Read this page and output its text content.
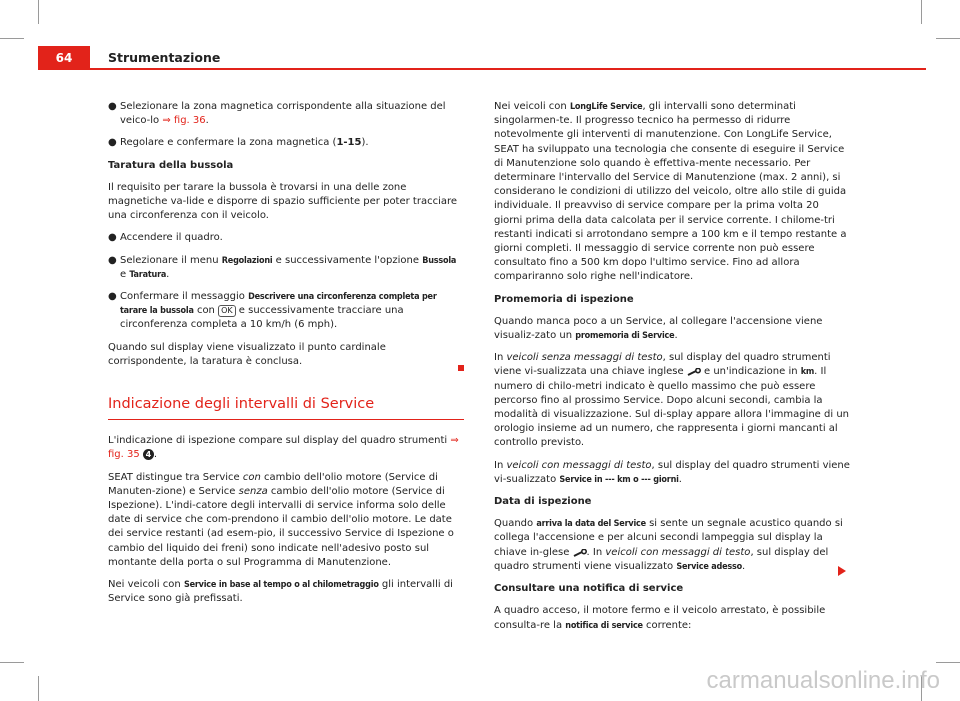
64	Strumentazione
● Selezionare la zona magnetica corrispondente alla situazione del veico-lo ⇒ fig. 36.
● Regolare e confermare la zona magnetica (1-15).

Taratura della bussola

Il requisito per tarare la bussola è trovarsi in una delle zone magnetiche va-lide e disporre di spazio sufficiente per poter tracciare una circonferenza con il veicolo.

● Accendere il quadro.
● Selezionare il menu Regolazioni e successivamente l'opzione Bussola e Taratura.
● Confermare il messaggio Descrivere una circonferenza completa per tarare la bussola con OK e successivamente tracciare una circonferenza completa a 10 km/h (6 mph).

Quando sul display viene visualizzato il punto cardinale corrispondente, la taratura è conclusa.

Indicazione degli intervalli di Service

L'indicazione di ispezione compare sul display del quadro strumenti ⇒ fig. 35 4 .

SEAT distingue tra Service con cambio dell'olio motore (Service di Manuten-zione) e Service senza cambio dell'olio motore (Service di Ispezione). L'indi-catore degli intervalli di service informa solo delle date di service che com-prendono il cambio dell'olio motore. Le date dei service restanti (ad esem-pio, il successivo Service di Ispezione o cambio del liquido dei freni) sono indicate nell'adesivo posto sul montante della porta o sul Programma di Manutenzione.

Nei veicoli con Service in base al tempo o al chilometraggio gli intervalli di Service sono già prefissati.

Nei veicoli con LongLife Service, gli intervalli sono determinati singolarmen-te. Il progresso tecnico ha permesso di ridurre notevolmente gli interventi di manutenzione. Con LongLife Service, SEAT ha sviluppato una tecnologia che consente di eseguire il Service di Manutenzione solo quando è effettiva-mente necessario. Per determinare l'intervallo del Service di Manutenzione (max. 2 anni), si considerano le condizioni di utilizzo del veicolo, oltre allo stile di guida individuale. Il preavviso di service compare per la prima volta 20 giorni prima della data calcolata per il service corrente. I chilome-tri restanti indicati si arrotondano sempre a 100 km e il tempo restante a giorni completi. Il messaggio di service corrente non può essere consultato fino a 500 km dopo l'ultimo service. Fino ad allora compariranno solo righe nell'indicatore.

Promemoria di ispezione

Quando manca poco a un Service, al collegare l'accensione viene visualiz-zato un promemoria di Service.

In veicoli senza messaggi di testo, sul display del quadro strumenti viene vi-sualizzata una chiave inglese  e un'indicazione in km. Il numero di chilo-metri indicato è quello massimo che può essere percorso fino al prossimo Service. Dopo alcuni secondi, cambia la modalità di visualizzazione. Sul di-splay appare allora l'immagine di un orologio insieme ad un numero, che rappresenta i giorni mancanti al controllo previsto.

In veicoli con messaggi di testo, sul display del quadro strumenti viene vi-sualizzato Service in --- km o --- giorni.

Data di ispezione

Quando arriva la data del Service si sente un segnale acustico quando si collega l'accensione e per alcuni secondi lampeggia sul display la chiave in-glese . In veicoli con messaggi di testo, sul display del quadro strumenti viene visualizzato Service adesso.

Consultare una notifica di service

A quadro acceso, il motore fermo e il veicolo arrestato, è possibile consulta-re la notifica di service corrente:

carmanualsonline.info
